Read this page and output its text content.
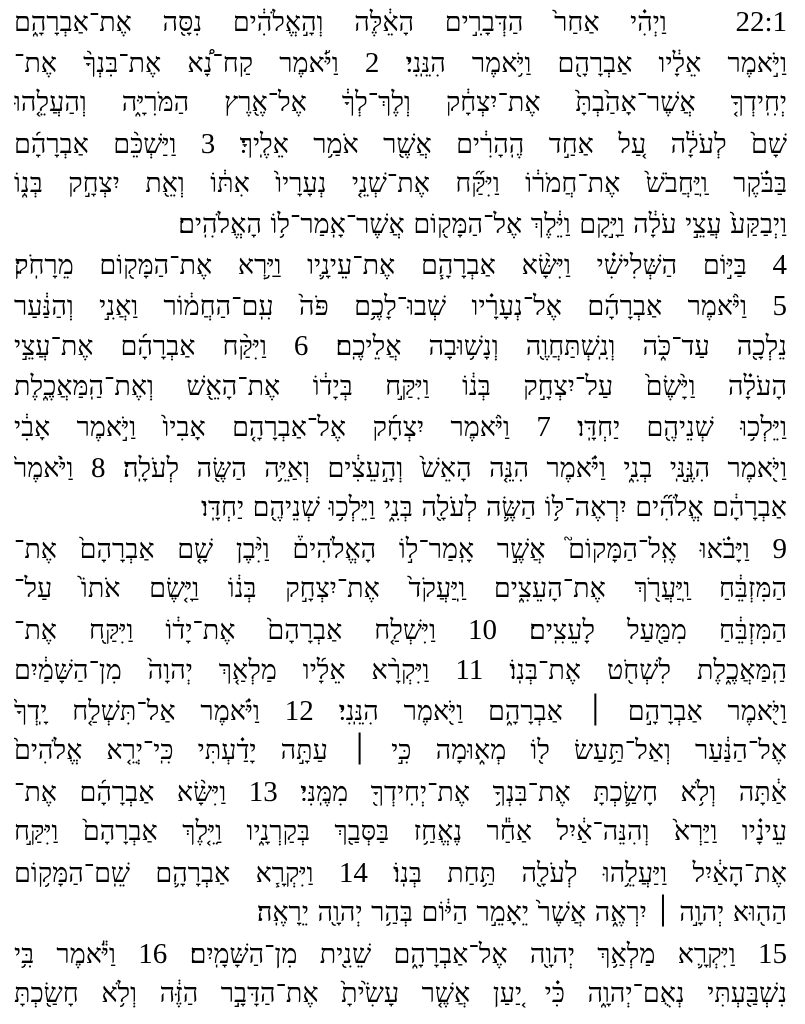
22:1 וַיְהִ֗י אַחַר֙ הַדְּבָרִ֣ים הָאֵ֔לֶּה וְהָ֣אֱלֹהִ֔ים נִסָּ֖ה אֶת־אַבְרָהָ֑ם
וַיֹּ֣אמֶר אֵלָ֔יו אַבְרָהָ֖ם וַיֹּ֥אמֶר הִנֵּֽנִי׃ 2 וַיֹּ֡אמֶר קַח־נָ֠א אֶת־בִּנְךָ֨ אֶת־
יְחִֽידְךָ֤ אֲשֶׁר־אָהַ֙בְתָּ֙ אֶת־יִצְחָ֔ק וְלֶךְ־לְךָ֔ אֶל־אֶ֖רֶץ הַמֹּרִיָּ֑ה וְהַעֲלֵ֤הוּ
שָׁם֙ לְעֹלָ֔ה עַ֚ל אַחַ֣ד הֶֽהָרִ֔ים אֲשֶׁ֖ר אֹמַ֥ר אֵלֶֽיךָ׃ 3 וַיַּשְׁכֵּ֨ם אַבְרָהָ֜ם
בַּבֹּ֗קֶר וַֽיַּחֲבֹשׁ֙ אֶת־חֲמֹר֔וֹ וַיִּקַּ֞ח אֶת־שְׁנֵ֤י נְעָרָיו֙ אִתּ֔וֹ וְאֵ֖ת יִצְחָ֣ק בְּנ֑וֹ
וַיְבַקַּע֙ עֲצֵ֣י עֹלָ֔ה וַיָּ֣קָם וַיֵּ֔לֶךְ אֶל־הַמָּק֖וֹם אֲשֶׁר־אָֽמַר־ל֥וֹ הָאֱלֹהִֽים׃
4 בַּיּ֣וֹם הַשְּׁלִישִׁ֗י וַיִּשָּׂ֨א אַבְרָהָ֧ם אֶת־עֵינָ֛יו וַיַּ֥רְא אֶת־הַמָּק֖וֹם מֵרָחֹֽק׃
5 וַיֹּ֨אמֶר אַבְרָהָ֜ם אֶל־נְעָרָ֗יו שְׁבוּ־לָכֶ֥ם פֹּה֙ עִֽם־הַחֲמ֔וֹר וַאֲנִ֣י וְהַנַּ֔עַר
נֵלְכָ֖ה עַד־כֹּ֑ה וְנִֽשְׁתַּחֲוֶ֖ה וְנָשׁ֥וּבָה אֲלֵיכֶֽם׃ 6 וַיִּקַּ֨ח אַבְרָהָ֜ם אֶת־עֲצֵ֣י
הָעֹלָ֗ה וַיָּ֙שֶׂם֙ עַל־יִצְחָ֣ק בְּנ֔וֹ וַיִּקַּ֣ח בְּיָד֔וֹ אֶת־הָאֵ֖שׁ וְאֶת־הַֽמַּאֲכֶ֑לֶת
וַיֵּלְכ֥וּ שְׁנֵיהֶ֖ם יַחְדָּֽו׃ 7 וַיֹּ֨אמֶר יִצְחָ֜ק אֶל־אַבְרָהָ֤ם אָבִיו֙ וַיֹּ֣אמֶר אָבִ֔י
וַיֹּ֖אמֶר הִנֶּ֣נִּֽי בְנִ֑י וַיֹּ֗אמֶר הִנֵּ֤ה הָאֵשׁ֙ וְהָ֣עֵצִ֔ים וְאַיֵּ֥ה הַשֶּׂ֖ה לְעֹלָֽה׃ 8 וַיֹּ֙אמֶר֙
אַבְרָהָ֔ם אֱלֹהִ֞ים יִרְאֶה־לּ֥וֹ הַשֶּׂ֛ה לְעֹלָ֖ה בְּנִ֑י וַיֵּלְכ֥וּ שְׁנֵיהֶ֖ם יַחְדָּֽו׃
9 וַיָּבֹ֗אוּ אֶֽל־הַמָּקוֹם֮ אֲשֶׁ֣ר אָֽמַר־ל֣וֹ הָאֱלֹהִים֒ וַיִּ֨בֶן שָׁ֤ם אַבְרָהָם֙ אֶת־
הַמִּזְבֵּ֔חַ וַֽיַּעֲרֹ֖ךְ אֶת־הָעֵצִ֑ים וַֽיַּעֲקֹד֙ אֶת־יִצְחָ֣ק בְּנ֔וֹ וַיָּ֤שֶׂם אֹתוֹ֙ עַל־
הַמִּזְבֵּ֔חַ מִמַּ֖עַל לָעֵצִֽים׃ 10 וַיִּשְׁלַ֤ח אַבְרָהָם֙ אֶת־יָד֔וֹ וַיִּקַּ֖ח אֶת־
הַֽמַּאֲכֶ֑לֶת לִשְׁחֹ֖ט אֶת־בְּנֽוֹ׃ 11 וַיִּקְרָ֨א אֵלָ֜יו מַלְאַ֤ךְ יְהוָה֙ מִן־הַשָּׁמַ֔יִם
וַיֹּ֖אמֶר אַבְרָהָ֣ם ׀ אַבְרָהָ֑ם וַיֹּ֖אמֶר הִנֵּֽנִי׃ 12 וַיֹּ֗אמֶר אַל־תִּשְׁלַ֤ח יָֽדְךָ֙
אֶל־הַנַּ֔עַר וְאַל־תַּ֥עַשׂ ל֖וֹ מְא֑וּמָה כִּ֣י ׀ עַתָּ֣ה יָדַ֗עְתִּי כִּֽי־יְרֵ֤א אֱלֹהִים֙
אַ֔תָּה וְלֹ֥א חָשַׂ֛כְתָּ אֶת־בִּנְךָ֥ אֶת־יְחִידְךָ֖ מִמֶּֽנִּי׃ 13 וַיִּשָּׂ֨א אַבְרָהָ֜ם אֶת־
עֵינָ֗יו וַיַּרְא֙ וְהִנֵּה־אַ֔יִל אַחַ֕ר נֶאֱחַ֥ז בַּסְּבַ֖ךְ בְּקַרְנָ֑יו וַיֵּ֤לֶךְ אַבְרָהָם֙ וַיִּקַּ֣ח
אֶת־הָאַ֔יִל וַיַּעֲלֵ֥הוּ לְעֹלָ֖ה תַּ֥חַת בְּנֽוֹ׃ 14 וַיִּקְרָ֧א אַבְרָהָ֛ם שֵֽׁם־הַמָּק֥וֹם
הַה֖וּא יְהוָ֣ה ׀ יִרְאֶ֑ה אֲשֶׁר֙ יֵאָמֵ֣ר הַיּ֔וֹם בְּהַ֥ר יְהוָ֖ה יֵרָאֶֽה׃
15 וַיִּקְרָ֛א מַלְאַ֥ךְ יְהוָ֖ה אֶל־אַבְרָהָ֑ם שֵׁנִ֖ית מִן־הַשָּׁמָֽיִם׃ 16 וַיֹּ֕אמֶר בִּ֥י
נִשְׁבַּ֖עְתִּי נְאֻם־יְהוָ֑ה כִּ֗י יַ֚עַן אֲשֶׁ֤ר עָשִׂ֙יתָ֙ אֶת־הַדָּבָ֣ר הַזֶּ֔ה וְלֹ֥א חָשַׂ֖כְתָּ
